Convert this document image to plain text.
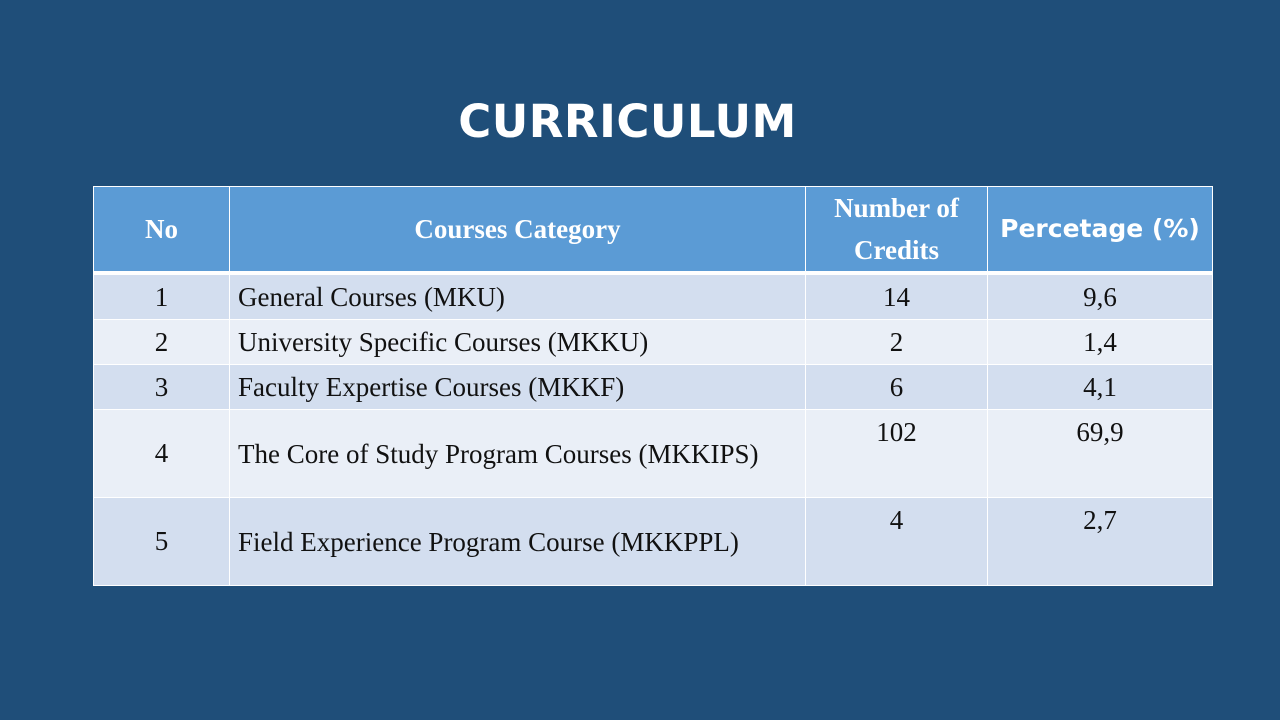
CURRICULUM
No	Courses Category	Number of Credits	Percetage (%)
1	General Courses (MKU)	14	9,6
2	University Specific Courses (MKKU)	2	1,4
3	Faculty Expertise Courses (MKKF)	6	4,1
4	The Core of Study Program Courses (MKKIPS)	102	69,9
5	Field Experience Program Course (MKKPPL)	4	2,7
